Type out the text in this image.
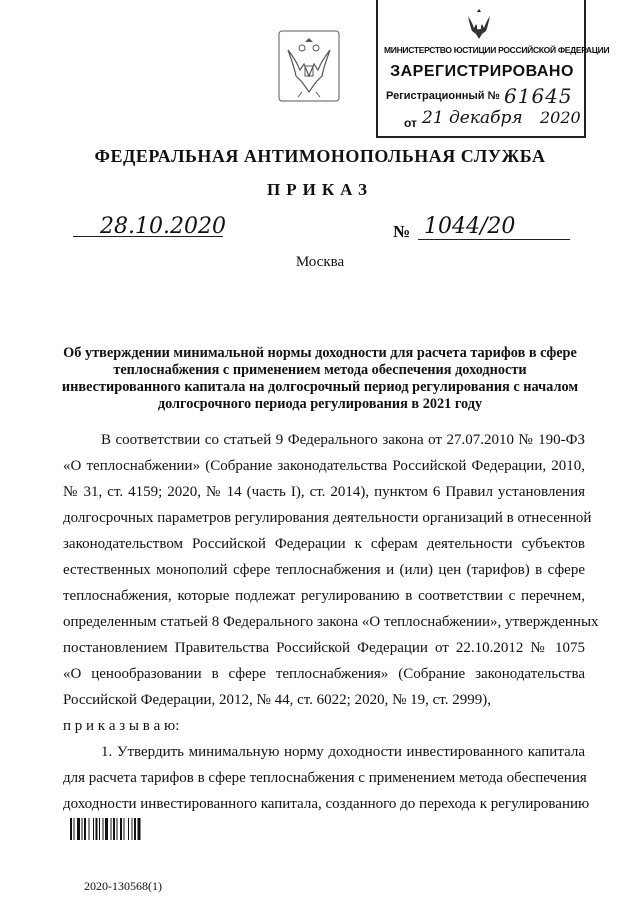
МИНИСТЕРСТВО ЮСТИЦИИ РОССИЙСКОЙ ФЕДЕРАЦИИ
ЗАРЕГИСТРИРОВАНО
Регистрационный № 61645
от 21 декабря 2020
ФЕДЕРАЛЬНАЯ АНТИМОНОПОЛЬНАЯ СЛУЖБА
ПРИКАЗ
28.10.2020	№ 1044/20
Москва
Об утверждении минимальной нормы доходности для расчета тарифов в сфере
теплоснабжения с применением метода обеспечения доходности
инвестированного капитала на долгосрочный период регулирования с началом
долгосрочного периода регулирования в 2021 году
В соответствии со статьей 9 Федерального закона от 27.07.2010 № 190-ФЗ
«О теплоснабжении» (Собрание законодательства Российской Федерации, 2010,
№ 31, ст. 4159; 2020, № 14 (часть I), ст. 2014), пунктом 6 Правил установления
долгосрочных параметров регулирования деятельности организаций в отнесенной
законодательством Российской Федерации к сферам деятельности субъектов
естественных монополий сфере теплоснабжения и (или) цен (тарифов) в сфере
теплоснабжения, которые подлежат регулированию в соответствии с перечнем,
определенным статьей 8 Федерального закона «О теплоснабжении», утвержденных
постановлением Правительства Российской Федерации от 22.10.2012 № 1075
«О ценообразовании в сфере теплоснабжения» (Собрание законодательства
Российской Федерации, 2012, № 44, ст. 6022; 2020, № 19, ст. 2999),
п р и к а з ы в а ю:
1. Утвердить минимальную норму доходности инвестированного капитала
для расчета тарифов в сфере теплоснабжения с применением метода обеспечения
доходности инвестированного капитала, созданного до перехода к регулированию
2020-130568(1)
